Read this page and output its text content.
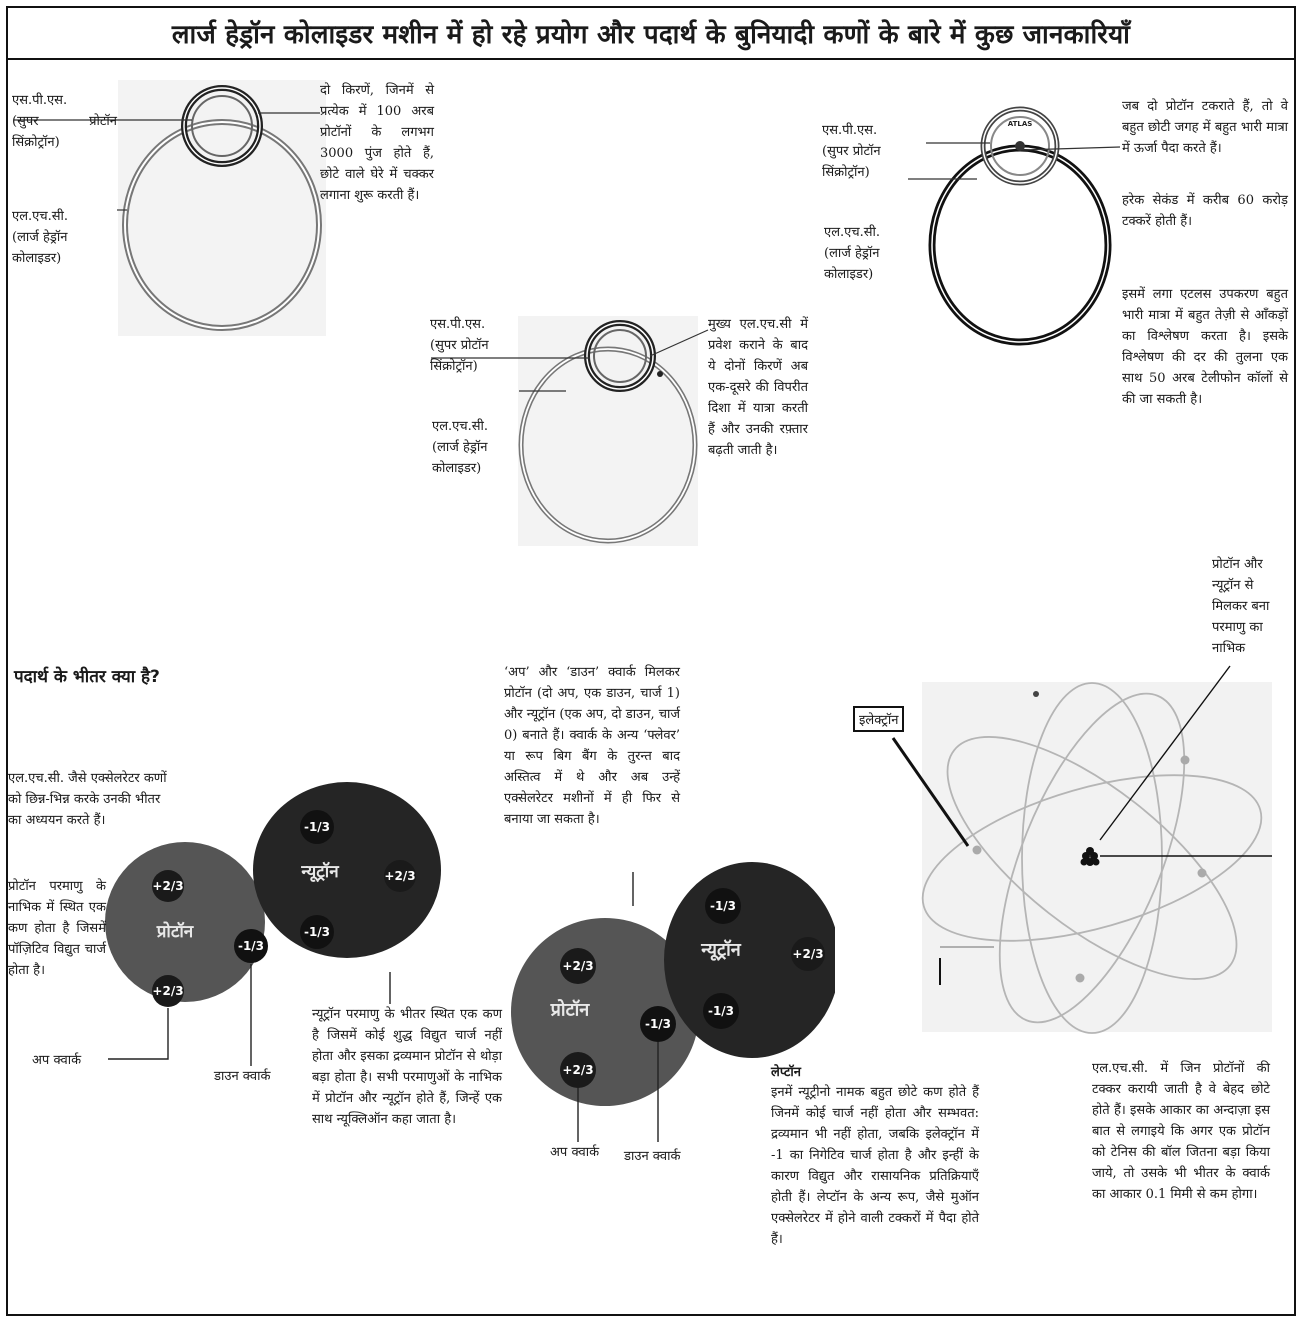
लार्ज हेड्रॉन कोलाइडर मशीन में हो रहे प्रयोग और पदार्थ के बुनियादी कणों के बारे में कुछ जानकारियाँ
ATLAS
+2/3
+2/3
-1/3
-1/3
-1/3
+2/3
प्रोटॉन
न्यूट्रॉन
+2/3
+2/3
-1/3
-1/3
-1/3
+2/3
प्रोटॉन
न्यूट्रॉन

एस.पी.एस.

(सुपर प्रोटॉन सिंक्रोट्रॉन)

एल.एच.सी.

(लार्ज हेड्रॉन कोलाइडर)

दो किरणें, जिनमें से प्रत्येक में 100 अरब प्रोटॉनों के लगभग 3000 पुंज होते हैं, छोटे वाले घेरे में चक्कर लगाना शुरू करती हैं।

एस.पी.एस.

(सुपर प्रोटॉन सिंक्रोट्रॉन)

एल.एच.सी.

(लार्ज हेड्रॉन कोलाइडर)

मुख्य एल.एच.सी में प्रवेश कराने के बाद ये दोनों किरणें अब एक-दूसरे की विपरीत दिशा में यात्रा करती हैं और उनकी रफ़्तार बढ़ती जाती है।

एस.पी.एस.

(सुपर प्रोटॉन सिंक्रोट्रॉन)

एल.एच.सी.

(लार्ज हेड्रॉन कोलाइडर)

जब दो प्रोटॉन टकराते हैं, तो वे बहुत छोटी जगह में बहुत भारी मात्रा में ऊर्जा पैदा करते हैं।

हरेक सेकंड में करीब 60 करोड़ टक्करें होती हैं।

इसमें लगा एटलस उपकरण बहुत भारी मात्रा में बहुत तेज़ी से आँकड़ों का विश्लेषण करता है। इसके विश्लेषण की दर की तुलना एक साथ 50 अरब टेलीफोन कॉलों से की जा सकती है।

पदार्थ के भीतर क्या है?

एल.एच.सी. जैसे एक्सेलरेटर कणों को छिन्न-भिन्न करके उनकी भीतर का अध्ययन करते हैं।

प्रोटॉन परमाणु के नाभिक में स्थित एक कण होता है जिसमें पॉज़िटिव विद्युत चार्ज होता है।

न्यूट्रॉन परमाणु के भीतर स्थित एक कण है जिसमें कोई शुद्ध विद्युत चार्ज नहीं होता और इसका द्रव्यमान प्रोटॉन से थोड़ा बड़ा होता है। सभी परमाणुओं के नाभिक में प्रोटॉन और न्यूट्रॉन होते हैं, जिन्हें एक साथ न्यूक्लिऑन कहा जाता है।

‘अप’ और ‘डाउन’ क्वार्क मिलकर प्रोटॉन (दो अप, एक डाउन, चार्ज 1) और न्यूट्रॉन (एक अप, दो डाउन, चार्ज 0) बनाते हैं। क्वार्क के अन्य ‘फ्लेवर’ या रूप बिग बैंग के तुरन्त बाद अस्तित्व में थे और अब उन्हें एक्सेलरेटर मशीनों में ही फिर से बनाया जा सकता है।

अप क्वार्क

डाउन क्वार्क

अप क्वार्क डाउन क्वार्क

लेप्टॉन

इनमें न्यूट्रीनो नामक बहुत छोटे कण होते हैं जिनमें कोई चार्ज नहीं होता और सम्भवत: द्रव्यमान भी नहीं होता, जबकि इलेक्ट्रॉन में -1 का निगेटिव चार्ज होता है और इन्हीं के कारण विद्युत और रासायनिक प्रतिक्रियाएँ होती हैं। लेप्टॉन के अन्य रूप, जैसे मुऑन एक्सेलरेटर में होने वाली टक्करों में पैदा होते हैं।

प्रोटॉन और न्यूट्रॉन से मिलकर बना परमाणु का नाभिक

इलेक्ट्रॉन

एल.एच.सी. में जिन प्रोटॉनों की टक्कर करायी जाती है वे बेहद छोटे होते हैं। इसके आकार का अन्दाज़ा इस बात से लगाइये कि अगर एक प्रोटॉन को टेनिस की बॉल जितना बड़ा किया जाये, तो उसके भी भीतर के क्वार्क का आकार 0.1 मिमी से कम होगा।
